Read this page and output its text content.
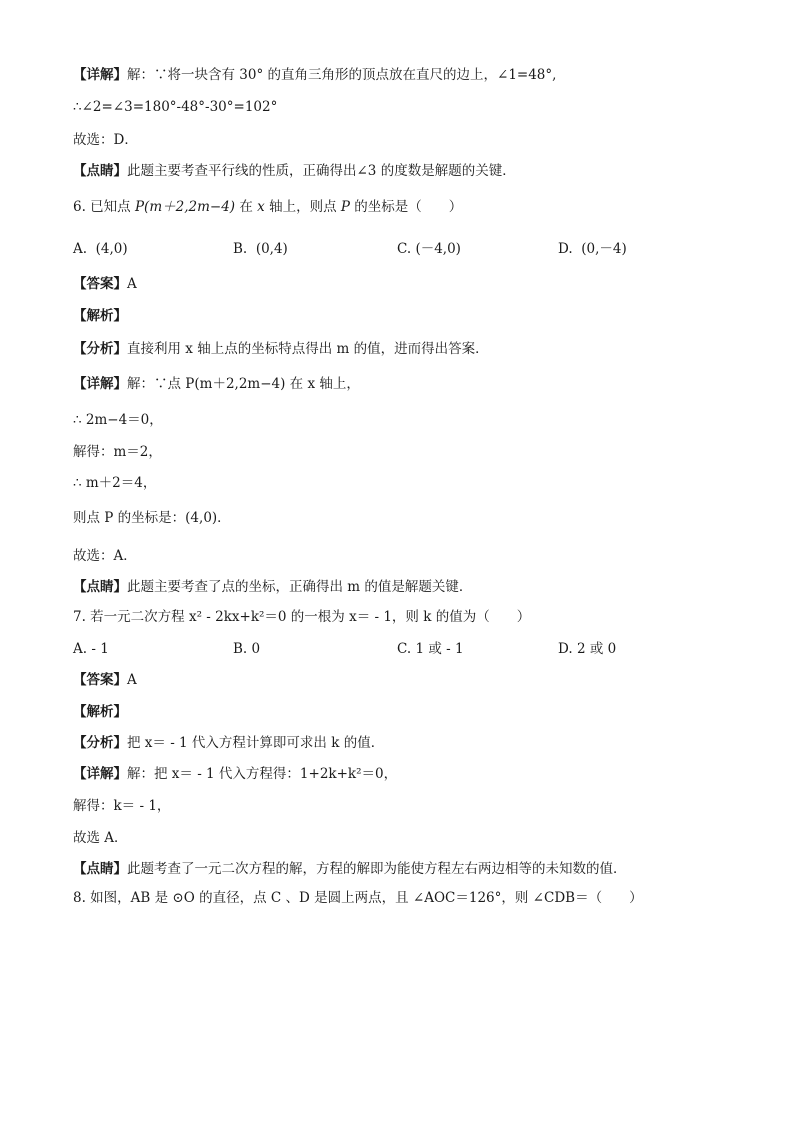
【详解】解：∵将一块含有 30° 的直角三角形的顶点放在直尺的边上，∠1=48°,
∴∠2=∠3=180°-48°-30°=102°
故选：D．
【点睛】此题主要考查平行线的性质，正确得出∠3 的度数是解题的关键．
6. 已知点 P(m＋2,2m−4) 在 x 轴上，则点 P 的坐标是（　　）
A. (4,0)	B. (0,4)	C. (－4,0)	D. (0,－4)
【答案】A
【解析】
【分析】直接利用 x 轴上点的坐标特点得出 m 的值，进而得出答案．
【详解】解：∵点 P(m＋2,2m−4) 在 x 轴上，
∴ 2m−4＝0，
解得：m＝2，
∴ m＋2＝4，
则点 P 的坐标是：(4,0)．
故选：A．
【点睛】此题主要考查了点的坐标，正确得出 m 的值是解题关键．
7. 若一元二次方程 x² - 2kx+k²＝0 的一根为 x＝ - 1，则 k 的值为（　　）
A. - 1	B. 0	C. 1 或 - 1	D. 2 或 0
【答案】A
【解析】
【分析】把 x＝ - 1 代入方程计算即可求出 k 的值．
【详解】解：把 x＝ - 1 代入方程得：1+2k+k²＝0，
解得：k＝ - 1，
故选 A．
【点睛】此题考查了一元二次方程的解，方程的解即为能使方程左右两边相等的未知数的值．
8. 如图，AB 是 ⊙O 的直径，点 C 、D 是圆上两点，且 ∠AOC＝126°，则 ∠CDB＝（　　）
